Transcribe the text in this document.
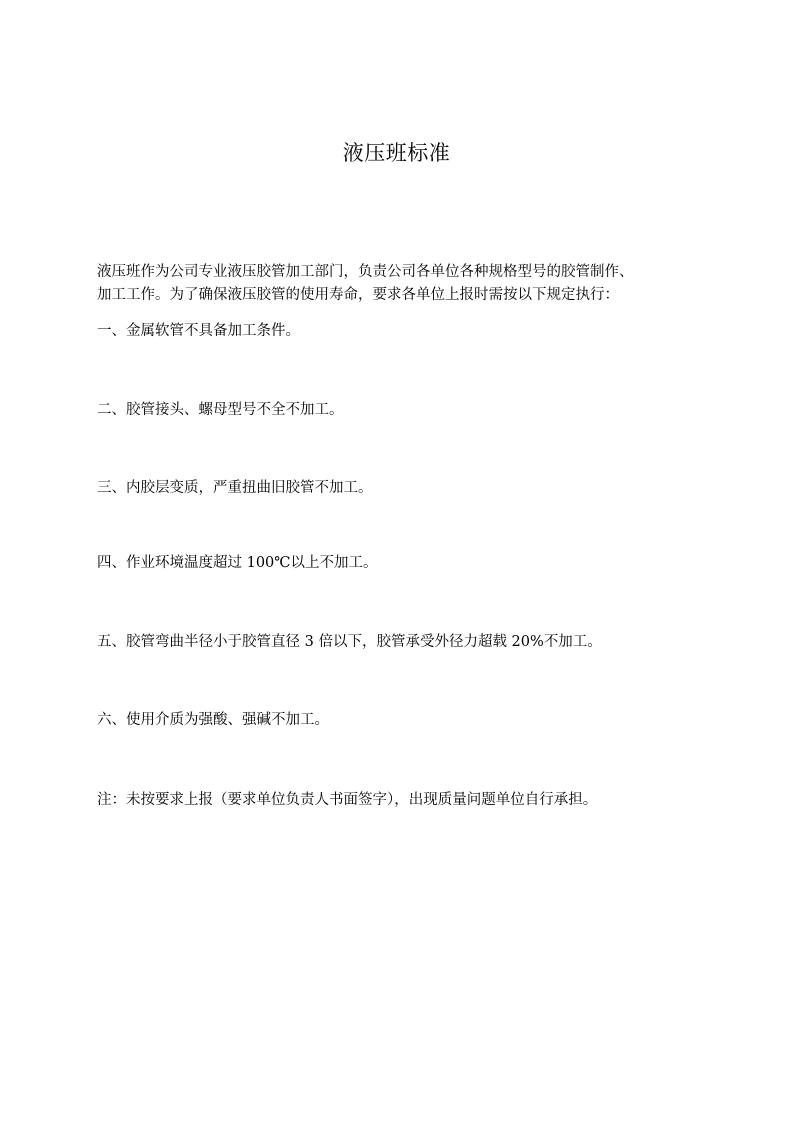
液压班标准

液压班作为公司专业液压胶管加工部门，负责公司各单位各种规格型号的胶管制作、

加工工作。为了确保液压胶管的使用寿命，要求各单位上报时需按以下规定执行：

一、金属软管不具备加工条件。
二、胶管接头、螺母型号不全不加工。
三、内胶层变质，严重扭曲旧胶管不加工。
四、作业环境温度超过 100℃以上不加工。
五、胶管弯曲半径小于胶管直径 3 倍以下，胶管承受外径力超载 20%不加工。
六、使用介质为强酸、强碱不加工。
注：未按要求上报（要求单位负责人书面签字），出现质量问题单位自行承担。
